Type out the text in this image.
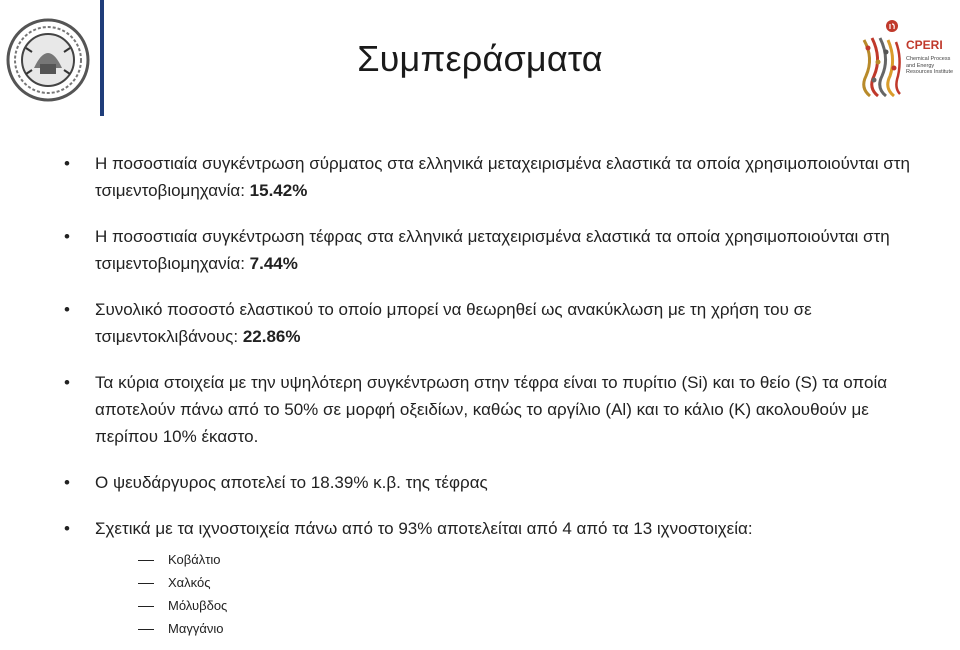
Συμπεράσματα	CPERI
Chemical Process and Energy Resources Institute
• Η ποσοστιαία συγκέντρωση σύρματος στα ελληνικά μεταχειρισμένα ελαστικά τα οποία χρησιμοποιούνται στη τσιμεντοβιομηχανία: 15.42%
• Η ποσοστιαία συγκέντρωση τέφρας στα ελληνικά μεταχειρισμένα ελαστικά τα οποία χρησιμοποιούνται στη τσιμεντοβιομηχανία: 7.44%
• Συνολικό ποσοστό ελαστικού το οποίο μπορεί να θεωρηθεί ως ανακύκλωση με τη χρήση του σε τσιμεντοκλιβάνους: 22.86%
• Τα κύρια στοιχεία με την υψηλότερη συγκέντρωση στην τέφρα είναι το πυρίτιο (Si) και το θείο (S) τα οποία αποτελούν πάνω από το 50% σε μορφή οξειδίων, καθώς το αργίλιο (Al) και το κάλιο (K) ακολουθούν με περίπου 10% έκαστο.
• Ο ψευδάργυρος αποτελεί το 18.39% κ.β. της τέφρας
• Σχετικά με τα ιχνοστοιχεία πάνω από το 93% αποτελείται από 4 από τα 13 ιχνοστοιχεία:
Κοβάλτιο
Χαλκός
Μόλυβδος
Μαγγάνιο
